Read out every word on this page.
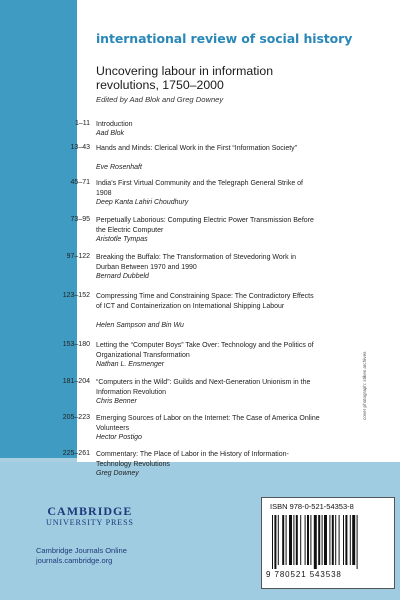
international review of social history
Uncovering labour in information revolutions, 1750–2000
Edited by Aad Blok and Greg Downey
1–11 Introduction
Aad Blok
13–43 Hands and Minds: Clerical Work in the First “Information Society”
Eve Rosenhaft
45–71 India’s First Virtual Community and the Telegraph General Strike of 1908
Deep Kanta Lahiri Choudhury
73–95 Perpetually Laborious: Computing Electric Power Transmission Before the Electric Computer
Aristotle Tympas
97–122 Breaking the Buffalo: The Transformation of Stevedoring Work in Durban Between 1970 and 1990
Bernard Dubbeld
123–152 Compressing Time and Constraining Space: The Contradictory Effects of ICT and Containerization on International Shipping Labour
Helen Sampson and Bin Wu
153–180 Letting the “Computer Boys” Take Over: Technology and the Politics of Organizational Transformation
Nathan L. Ensmenger
181–204 “Computers in the Wild”: Guilds and Next-Generation Unionism in the Information Revolution
Chris Benner
205–223 Emerging Sources of Labor on the Internet: The Case of America Online Volunteers
Hector Postigo
225–261 Commentary: The Place of Labor in the History of Information-Technology Revolutions
Greg Downey
cover photograph: stikes archives
CAMBRIDGE
UNIVERSITY PRESS
Cambridge Journals Online
journals.cambridge.org
ISBN 978-0-521-54353-8
9 780521 543538
